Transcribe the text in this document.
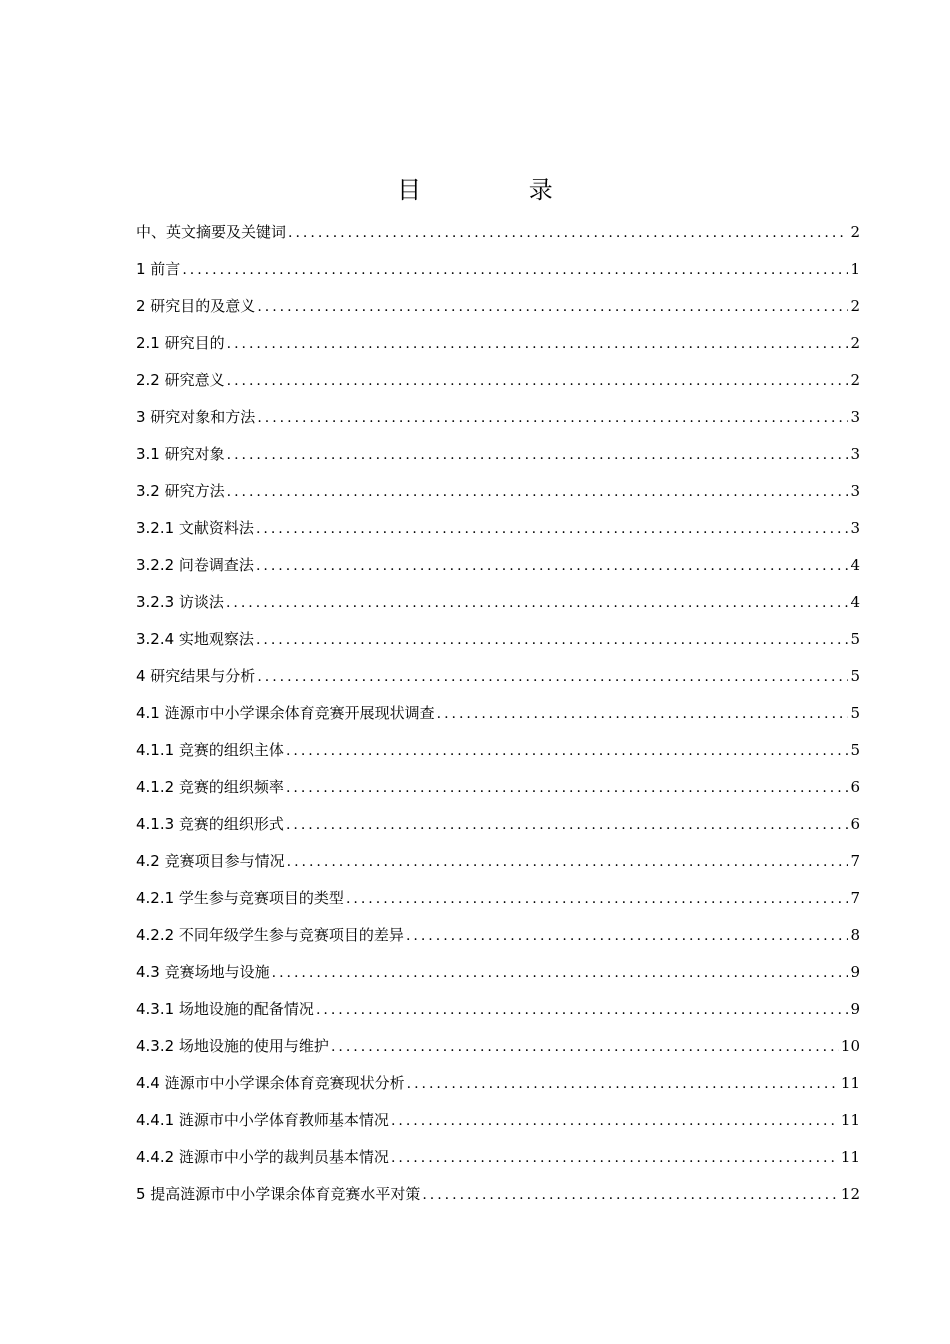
目 录
中、英文摘要及关键词 .....	2
1 前言 .....	1
2 研究目的及意义 .....	2
2.1 研究目的 .....	2
2.2 研究意义 .....	2
3 研究对象和方法 .....	3
3.1 研究对象 .....	3
3.2 研究方法 .....	3
3.2.1 文献资料法 .....	3
3.2.2 问卷调查法 .....	4
3.2.3 访谈法 .....	4
3.2.4 实地观察法 .....	5
4 研究结果与分析 .....	5
4.1 涟源市中小学课余体育竞赛开展现状调查 .....	5
4.1.1 竞赛的组织主体 .....	5
4.1.2 竞赛的组织频率 .....	6
4.1.3 竞赛的组织形式 .....	6
4.2 竞赛项目参与情况 .....	7
4.2.1 学生参与竞赛项目的类型 .....	7
4.2.2 不同年级学生参与竞赛项目的差异 .....	8
4.3 竞赛场地与设施 .....	9
4.3.1 场地设施的配备情况 .....	9
4.3.2 场地设施的使用与维护 .....	10
4.4 涟源市中小学课余体育竞赛现状分析 .....	11
4.4.1 涟源市中小学体育教师基本情况 .....	11
4.4.2 涟源市中小学的裁判员基本情况 .....	11
5 提高涟源市中小学课余体育竞赛水平对策 .....	12
